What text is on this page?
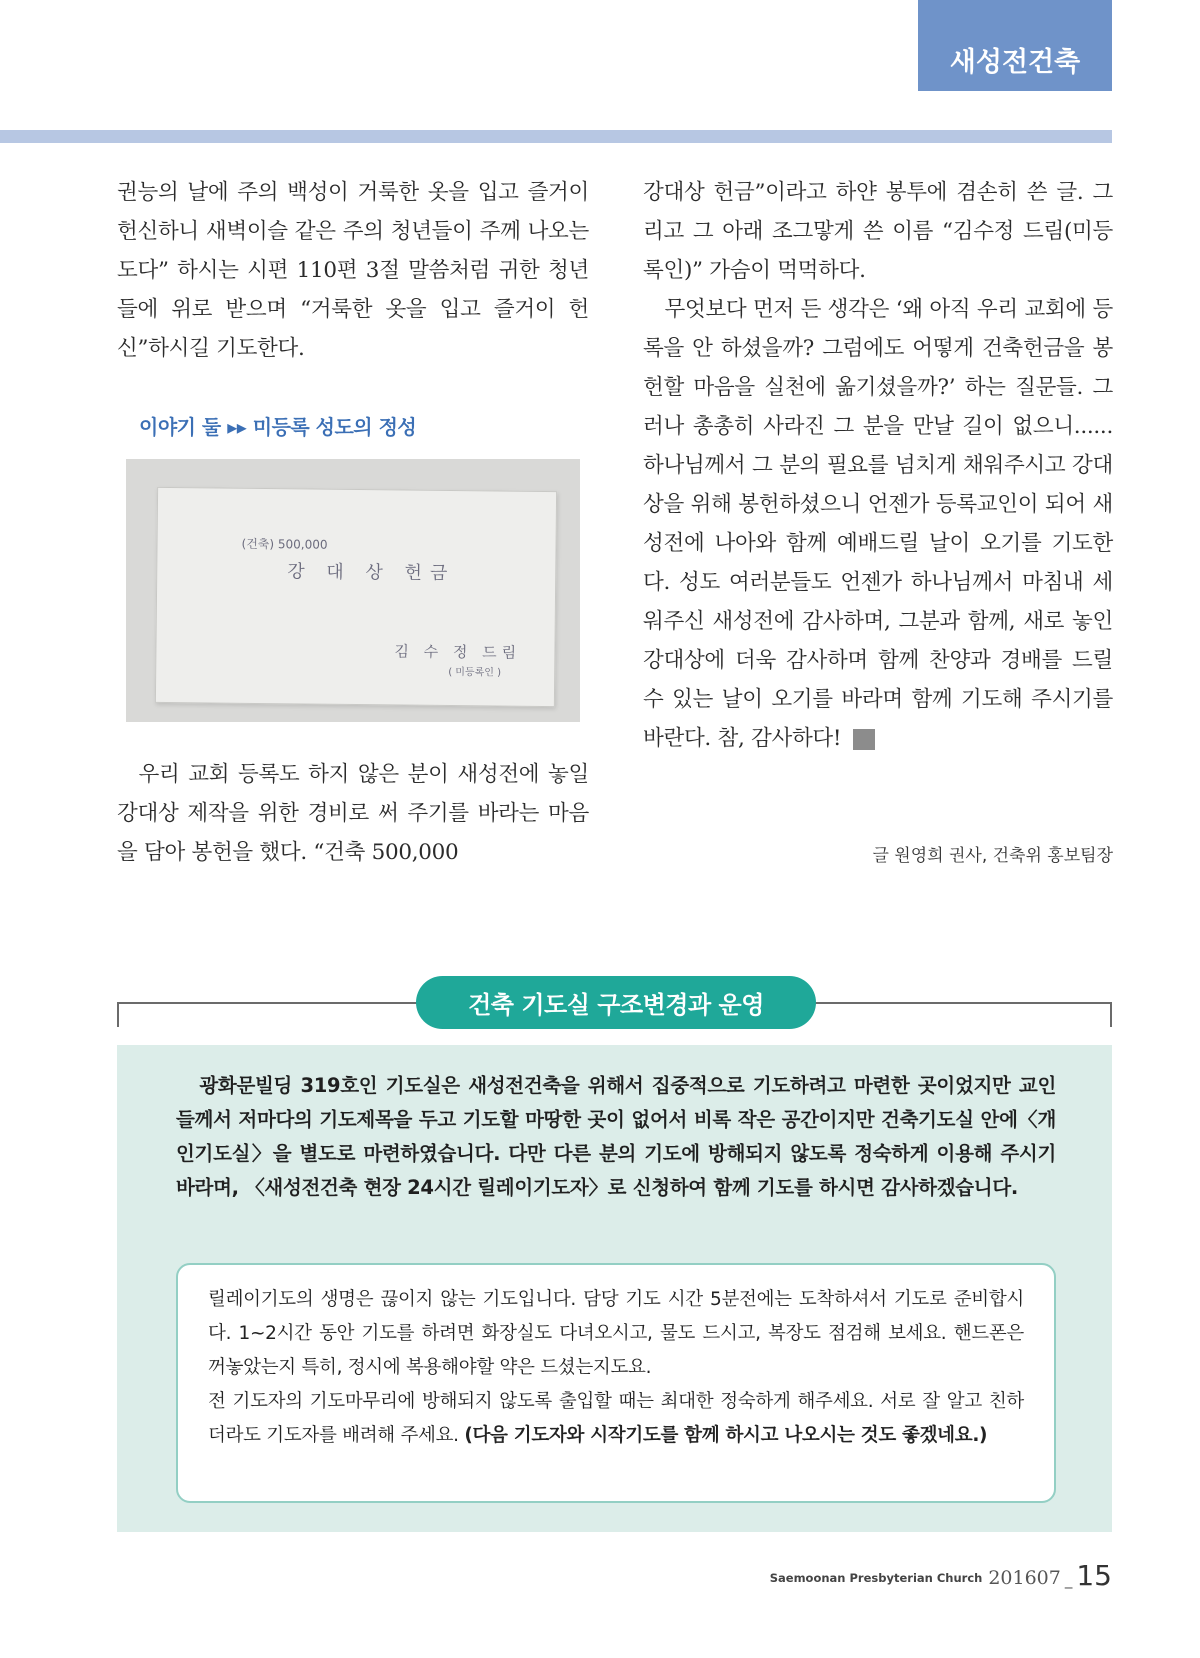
새성전건축

권능의 날에 주의 백성이 거룩한 옷을 입고 즐거이 헌신하니 새벽이슬 같은 주의 청년들이 주께 나오는도다” 하시는 시편 110편 3절 말씀처럼 귀한 청년들에 위로 받으며 “거룩한 옷을 입고 즐거이 헌신”하시길 기도한다.

이야기 둘 ▸▸ 미등록 성도의 정성
(건축) 500,000
강 대 상 헌금
김 수 정 드림
( 미등록인 )

우리 교회 등록도 하지 않은 분이 새성전에 놓일 강대상 제작을 위한 경비로 써 주기를 바라는 마음을 담아 봉헌을 했다. “건축 500,000

강대상 헌금”이라고 하얀 봉투에 겸손히 쓴 글. 그리고 그 아래 조그맣게 쓴 이름 “김수정 드림(미등록인)” 가슴이 먹먹하다.

무엇보다 먼저 든 생각은 ‘왜 아직 우리 교회에 등록을 안 하셨을까? 그럼에도 어떻게 건축헌금을 봉헌할 마음을 실천에 옮기셨을까?’ 하는 질문들. 그러나 총총히 사라진 그 분을 만날 길이 없으니...... 하나님께서 그 분의 필요를 넘치게 채워주시고 강대상을 위해 봉헌하셨으니 언젠가 등록교인이 되어 새성전에 나아와 함께 예배드릴 날이 오기를 기도한다. 성도 여러분들도 언젠가 하나님께서 마침내 세워주신 새성전에 감사하며, 그분과 함께, 새로 놓인 강대상에 더욱 감사하며 함께 찬양과 경배를 드릴 수 있는 날이 오기를 바라며 함께 기도해 주시기를 바란다. 참, 감사하다!	새

글 원영희 권사, 건축위 홍보팀장
건축 기도실 구조변경과 운영
광화문빌딩 319호인 기도실은 새성전건축을 위해서 집중적으로 기도하려고 마련한 곳이었지만 교인들께서 저마다의 기도제목을 두고 기도할 마땅한 곳이 없어서 비록 작은 공간이지만 건축기도실 안에〈개인기도실〉을 별도로 마련하였습니다. 다만 다른 분의 기도에 방해되지 않도록 정숙하게 이용해 주시기 바라며, 〈새성전건축 현장 24시간 릴레이기도자〉로 신청하여 함께 기도를 하시면 감사하겠습니다.
릴레이기도의 생명은 끊이지 않는 기도입니다. 담당 기도 시간 5분전에는 도착하셔서 기도로 준비합시다. 1~2시간 동안 기도를 하려면 화장실도 다녀오시고, 물도 드시고, 복장도 점검해 보세요. 핸드폰은 꺼놓았는지 특히, 정시에 복용해야할 약은 드셨는지도요.
전 기도자의 기도마무리에 방해되지 않도록 출입할 때는 최대한 정숙하게 해주세요. 서로 잘 알고 친하더라도 기도자를 배려해 주세요. (다음 기도자와 시작기도를 함께 하시고 나오시는 것도 좋겠네요.)
Saemoonan Presbyterian Church 201607 _ 15
